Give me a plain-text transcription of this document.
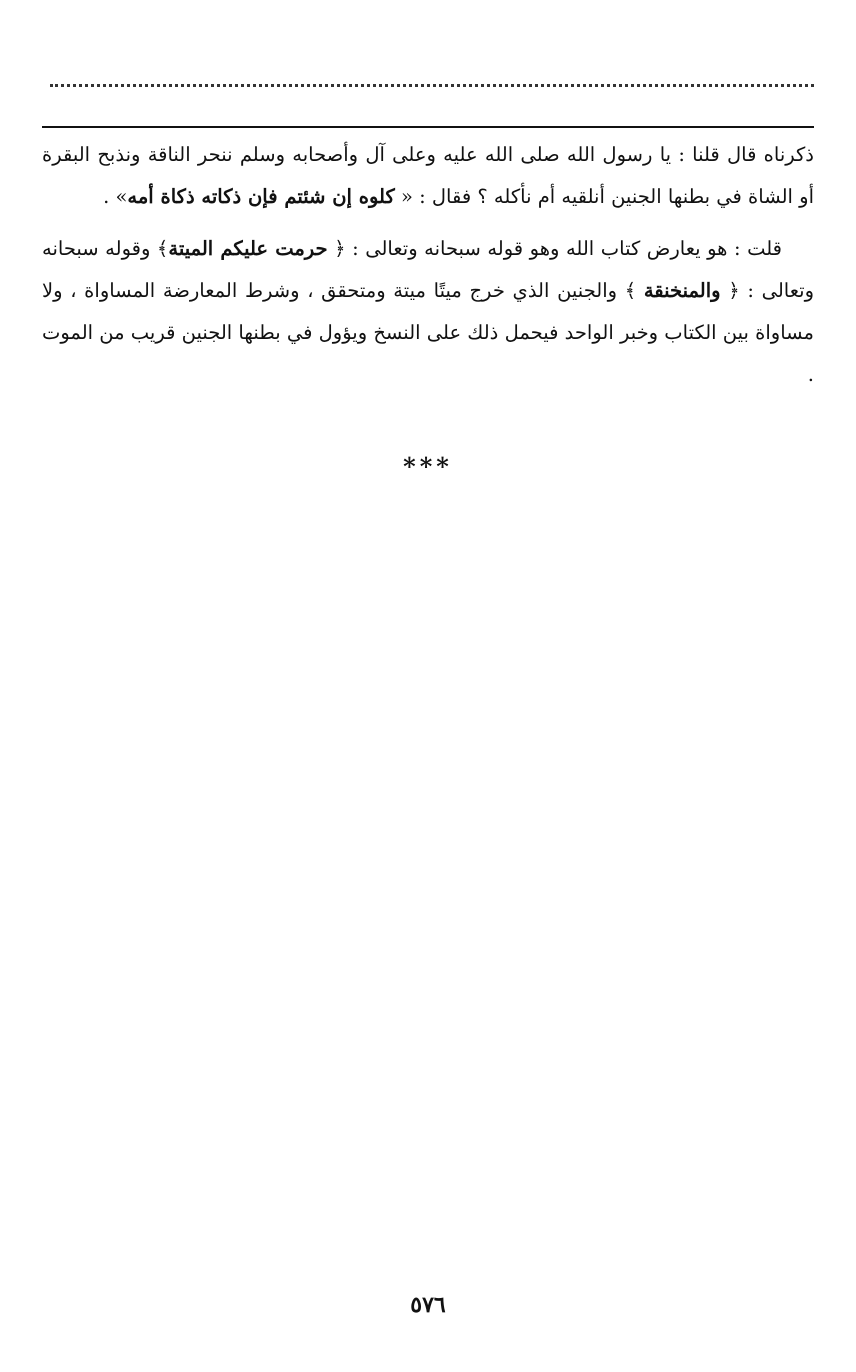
ذكرناه قال قلنا : يا رسول الله صلى الله عليه وعلى آل وأصحابه وسلم ننحر الناقة ونذبح البقرة أو الشاة في بطنها الجنين أنلقيه أم نأكله ؟ فقال : « كلوه إن شئتم فإن ذكاته ذكاة أمه» .

قلت : هو يعارض كتاب الله وهو قوله سبحانه وتعالى : ﴿ حرمت عليكم الميتة﴾ وقوله سبحانه وتعالى : ﴿ والمنخنقة ﴾ والجنين الذي خرج ميتًا ميتة ومتحقق ، وشرط المعارضة المساواة ، ولا مساواة بين الكتاب وخبر الواحد فيحمل ذلك على النسخ ويؤول في بطنها الجنين قريب من الموت .

***
٥٧٦
